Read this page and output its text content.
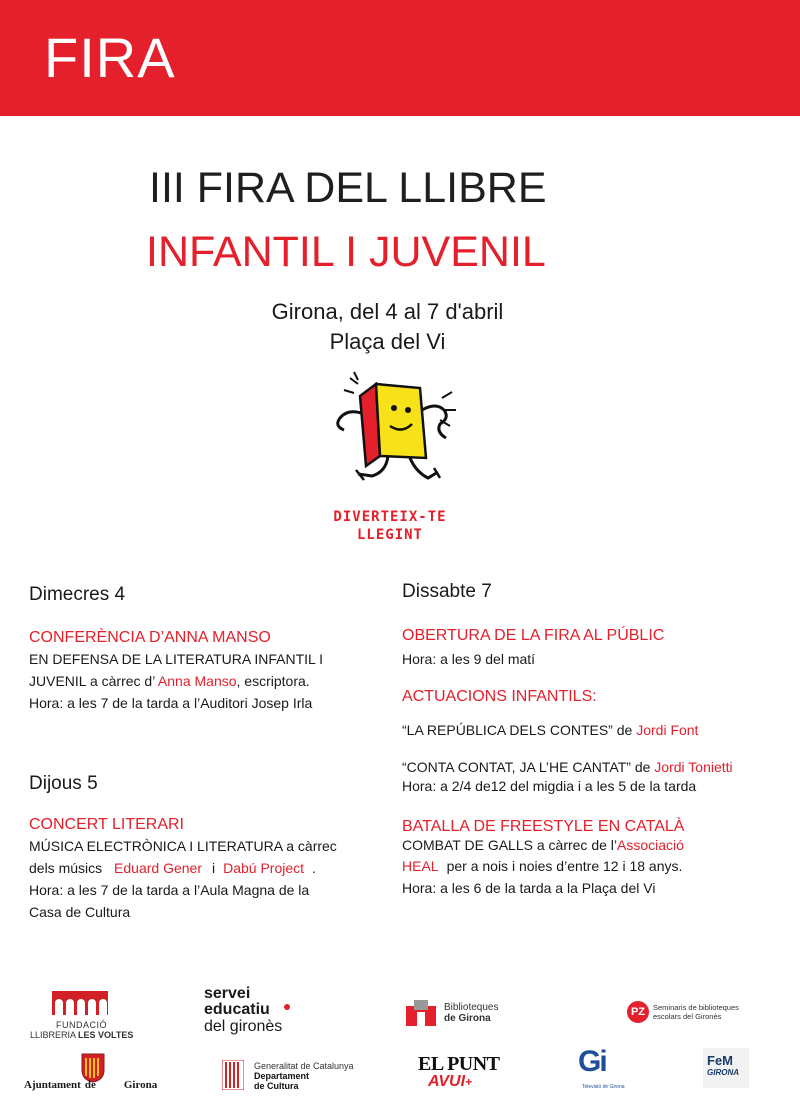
FIRA
III FIRA DEL LLIBRE
INFANTIL I JUVENIL
Girona, del 4 al 7 d'abril
Plaça del Vi
DIVERTEIX-TE
LLEGINT
Dimecres 4
CONFERÈNCIA D’ANNA MANSO
EN DEFENSA DE LA LITERATURA INFANTIL I
JUVENIL a càrrec d’ Anna Manso, escriptora.
Hora: a les 7 de la tarda a l’Auditori Josep Irla
Dijous 5
CONCERT LITERARI
MÚSICA ELECTRÒNICA I LITERATURA a càrrec
dels músics Eduard Gener i Dabú Project .
Hora: a les 7 de la tarda a l’Aula Magna de la
Casa de Cultura
Dissabte 7
OBERTURA DE LA FIRA AL PÚBLIC
Hora: a les 9 del matí
ACTUACIONS INFANTILS:
“LA REPÚBLICA DELS CONTES” de Jordi Font
“CONTA CONTAT, JA L’HE CANTAT” de Jordi Tonietti
Hora: a 2/4 de12 del migdia i a les 5 de la tarda
BATALLA DE FREESTYLE EN CATALÀ
COMBAT DE GALLS a càrrec de l’Associació
HEAL per a nois i noies d’entre 12 i 18 anys.
Hora: a les 6 de la tarda a la Plaça del Vi
FUNDACIÓ
LLIBRERIA LES VOLTES
servei
educatiu
del gironès
Biblioteques
de Girona
PZ	Seminaris de biblioteques
escolars del Gironès
Ajuntament de	Girona
Generalitat de Catalunya
Departament
de Cultura
EL PUNT
AVUI+
Gi
Televisió de Girona
FeM
GIRONA
